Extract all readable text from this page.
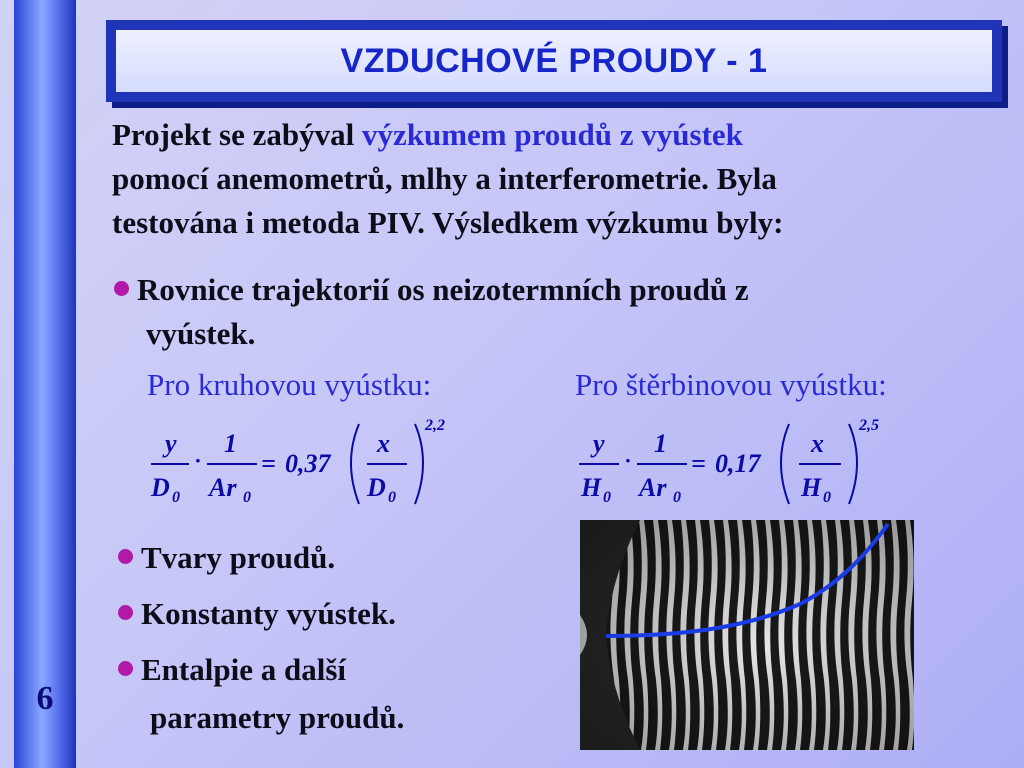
6
VZDUCHOVÉ PROUDY - 1
Projekt se zabýval výzkumem proudů z vyústek
pomocí anemometrů, mlhy a interferometrie. Byla
testována i metoda PIV. Výsledkem výzkumu byly:
Rovnice trajektorií os neizotermních proudů z
vyústek.
Pro kruhovou vyústku:	Pro štěrbinovou vyústku:
y
D 0
·
1
Ar 0
= 0,37
x
D 0
2,2
y
H 0
·
1
Ar 0
= 0,17
x
H 0
2,5
Tvary proudů.
Konstanty vyústek.
Entalpie a další
parametry proudů.
